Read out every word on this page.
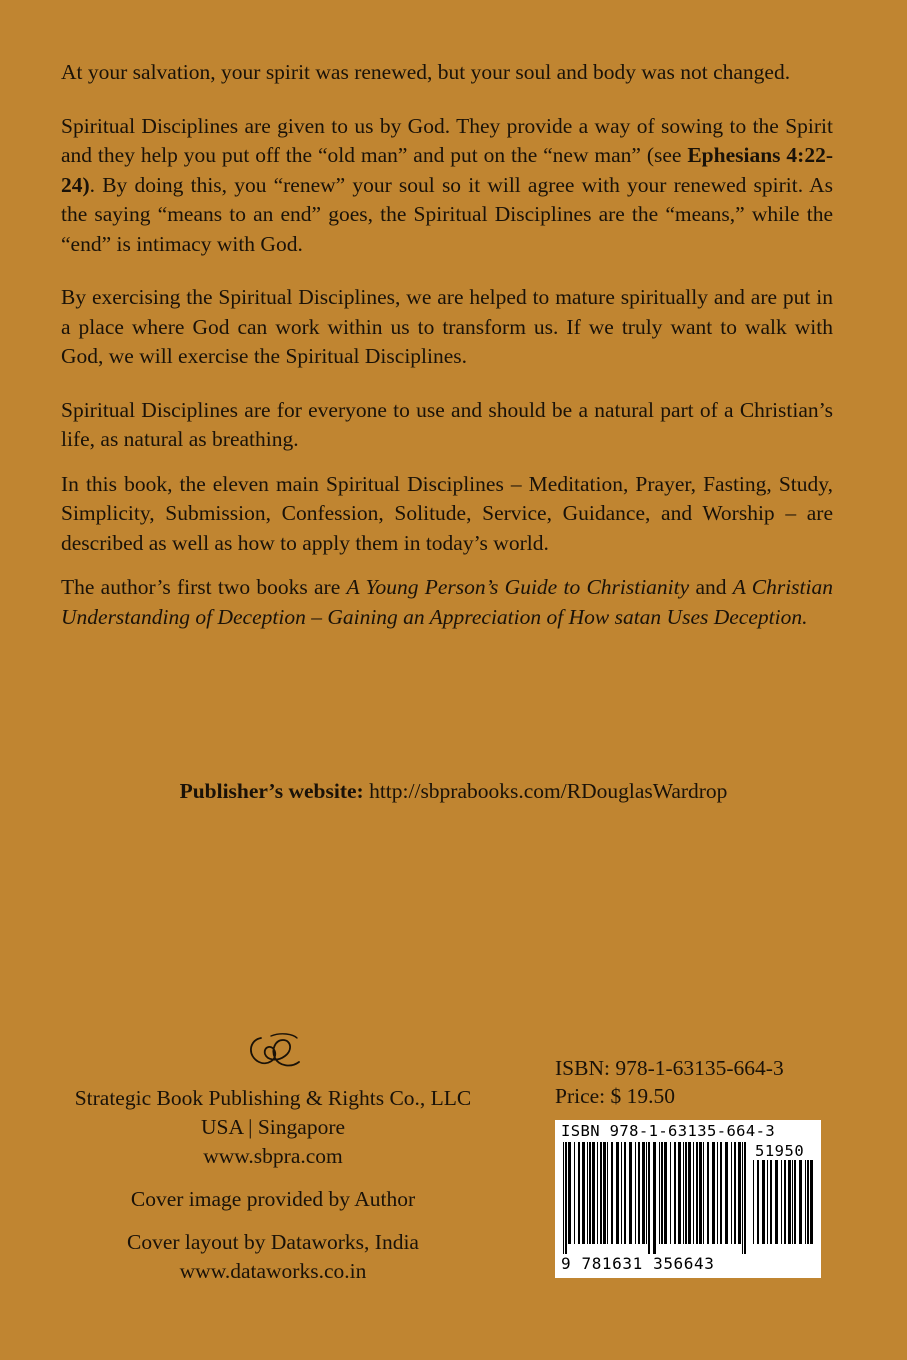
At your salvation, your spirit was renewed, but your soul and body was not changed.

Spiritual Disciplines are given to us by God. They provide a way of sowing to the Spirit and they help you put off the “old man” and put on the “new man” (see Ephesians 4:22-24). By doing this, you “renew” your soul so it will agree with your renewed spirit. As the saying “means to an end” goes, the Spiritual Disciplines are the “means,” while the “end” is intimacy with God.

By exercising the Spiritual Disciplines, we are helped to mature spiritually and are put in a place where God can work within us to transform us. If we truly want to walk with God, we will exercise the Spiritual Disciplines.

Spiritual Disciplines are for everyone to use and should be a natural part of a Christian’s life, as natural as breathing.

In this book, the eleven main Spiritual Disciplines – Meditation, Prayer, Fasting, Study, Simplicity, Submission, Confession, Solitude, Service, Guidance, and Worship – are described as well as how to apply them in today’s world.

The author’s first two books are A Young Person’s Guide to Christianity and A Christian Understanding of Deception – Gaining an Appreciation of How satan Uses Deception.

Publisher’s website: http://sbprabooks.com/RDouglasWardrop
Strategic Book Publishing & Rights Co., LLC
USA | Singapore
www.sbpra.com
Cover image provided by Author
Cover layout by Dataworks, India
www.dataworks.co.in
ISBN: 978-1-63135-664-3
Price: $ 19.50
ISBN 978-1-63135-664-3
51950
9 781631 356643
